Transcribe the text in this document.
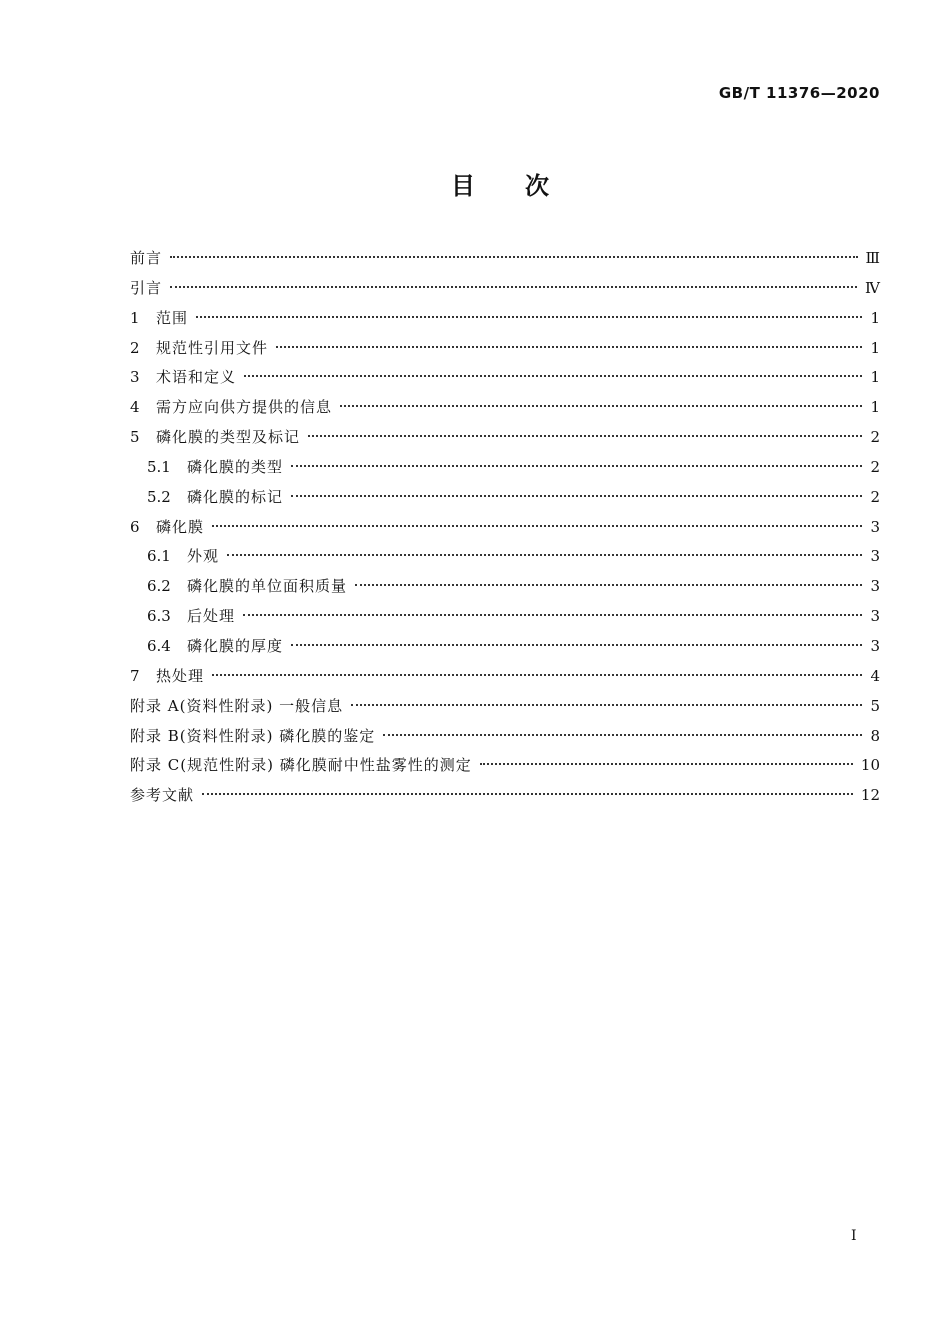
GB/T 11376—2020
目 次
前言	Ⅲ
引言	Ⅳ
1	范围	1
2	规范性引用文件	1
3	术语和定义	1
4	需方应向供方提供的信息	1
5	磷化膜的类型及标记	2
5.1	磷化膜的类型	2
5.2	磷化膜的标记	2
6	磷化膜	3
6.1	外观	3
6.2	磷化膜的单位面积质量	3
6.3	后处理	3
6.4	磷化膜的厚度	3
7	热处理	4
附录 A(资料性附录) 一般信息	5
附录 B(资料性附录) 磷化膜的鉴定	8
附录 C(规范性附录) 磷化膜耐中性盐雾性的测定	10
参考文献	12
I
